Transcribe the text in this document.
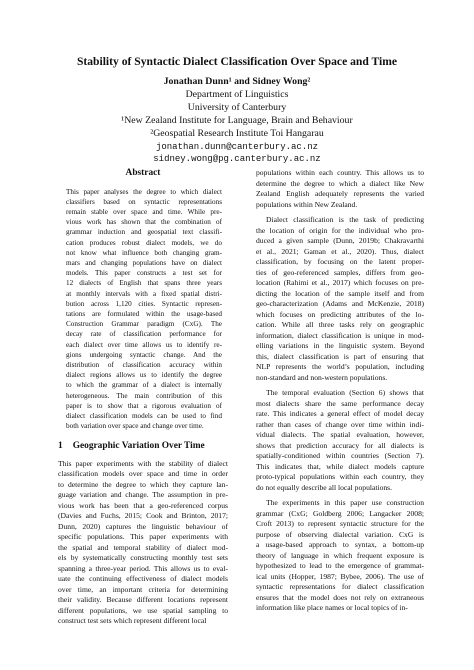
Stability of Syntactic Dialect Classification Over Space and Time
Jonathan Dunn¹ and Sidney Wong²
Department of Linguistics
University of Canterbury
¹New Zealand Institute for Language, Brain and Behaviour
²Geospatial Research Institute Toi Hangarau
jonathan.dunn@canterbury.ac.nz
sidney.wong@pg.canterbury.ac.nz
Abstract
This paper analyses the degree to which dialect
classifiers based on syntactic representations
remain stable over space and time. While pre-
vious work has shown that the combination of
grammar induction and geospatial text classifi-
cation produces robust dialect models, we do
not know what influence both changing gram-
mars and changing populations have on dialect
models. This paper constructs a test set for
12 dialects of English that spans three years
at monthly intervals with a fixed spatial distri-
bution across 1,120 cities. Syntactic represen-
tations are formulated within the usage-based
Construction Grammar paradigm (CxG). The
decay rate of classification performance for
each dialect over time allows us to identify re-
gions undergoing syntactic change. And the
distribution of classification accuracy within
dialect regions allows us to identify the degree
to which the grammar of a dialect is internally
heterogeneous. The main contribution of this
paper is to show that a rigorous evaluation of
dialect classification models can be used to find
both variation over space and change over time.
1 Geographic Variation Over Time
This paper experiments with the stability of dialect
classification models over space and time in order
to determine the degree to which they capture lan-
guage variation and change. The assumption in pre-
vious work has been that a geo-referenced corpus
(Davies and Fuchs, 2015; Cook and Brinton, 2017;
Dunn, 2020) captures the linguistic behaviour of
specific populations. This paper experiments with
the spatial and temporal stability of dialect mod-
els by systematically constructing monthly test sets
spanning a three-year period. This allows us to eval-
uate the continuing effectiveness of dialect models
over time, an important criteria for determining
their validity. Because different locations represent
different populations, we use spatial sampling to
construct test sets which represent different local
populations within each country. This allows us to
determine the degree to which a dialect like New
Zealand English adequately represents the varied
populations within New Zealand.
Dialect classification is the task of predicting
the location of origin for the individual who pro-
duced a given sample (Dunn, 2019b; Chakravarthi
et al., 2021; Gaman et al., 2020). Thus, dialect
classification, by focusing on the latent proper-
ties of geo-referenced samples, differs from geo-
location (Rahimi et al., 2017) which focuses on pre-
dicting the location of the sample itself and from
geo-characterization (Adams and McKenzie, 2018)
which focuses on predicting attributes of the lo-
cation. While all three tasks rely on geographic
information, dialect classification is unique in mod-
elling variations in the linguistic system. Beyond
this, dialect classification is part of ensuring that
NLP represents the world’s population, including
non-standard and non-western populations.
The temporal evaluation (Section 6) shows that
most dialects share the same performance decay
rate. This indicates a general effect of model decay
rather than cases of change over time within indi-
vidual dialects. The spatial evaluation, however,
shows that prediction accuracy for all dialects is
spatially-conditioned within countries (Section 7).
This indicates that, while dialect models capture
proto-typical populations within each country, they
do not equally describe all local populations.
The experiments in this paper use construction
grammar (CxG; Goldberg 2006; Langacker 2008;
Croft 2013) to represent syntactic structure for the
purpose of observing dialectal variation. CxG is
a usage-based approach to syntax, a bottom-up
theory of language in which frequent exposure is
hypothesized to lead to the emergence of grammat-
ical units (Hopper, 1987; Bybee, 2006). The use of
syntactic representations for dialect classification
ensures that the model does not rely on extraneous
information like place names or local topics of in-
